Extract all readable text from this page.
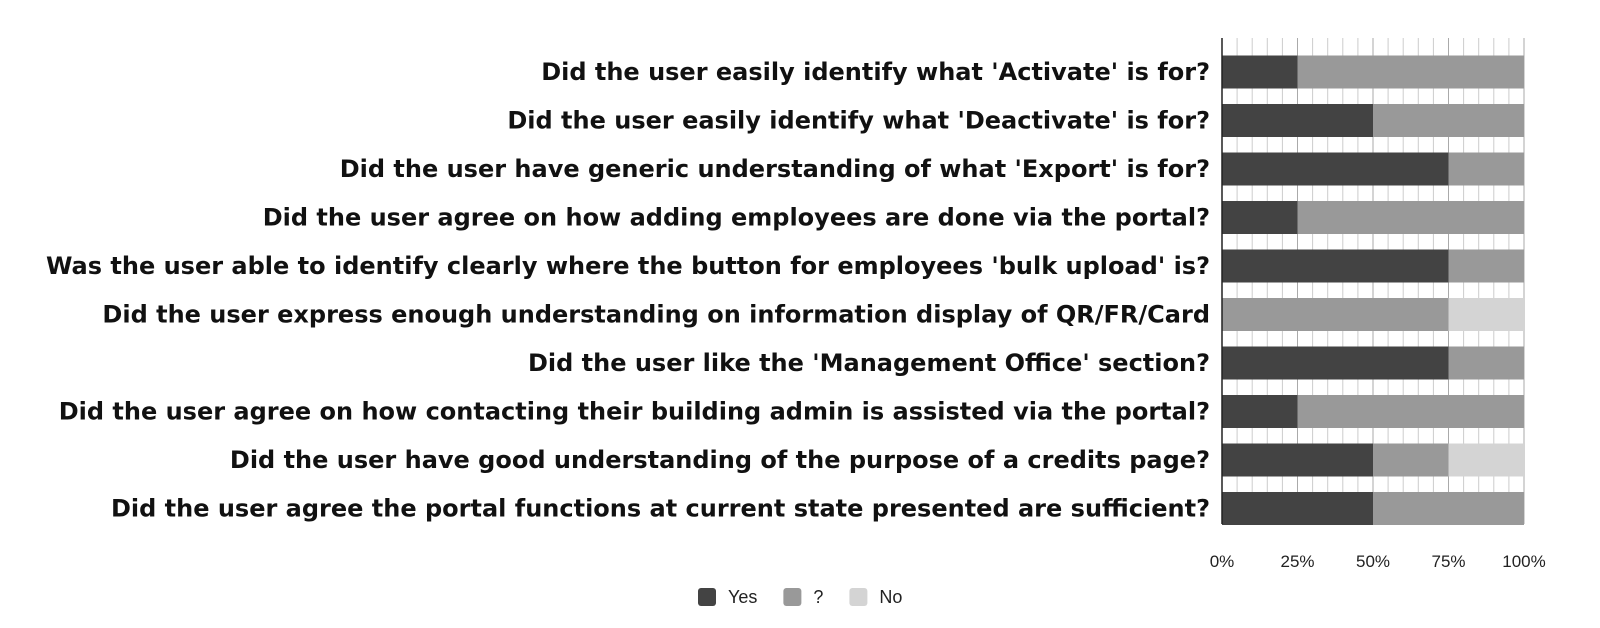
Did the user easily identify what 'Activate' is for?
Did the user easily identify what 'Deactivate' is for?
Did the user have generic understanding of what 'Export' is for?
Did the user agree on how adding employees are done via the portal?
Was the user able to identify clearly where the button for employees 'bulk upload' is?
Did the user express enough understanding on information display of QR/FR/Card
Did the user like the 'Management Office' section?
Did the user agree on how contacting their building admin is assisted via the portal?
Did the user have good understanding of the purpose of a credits page?
Did the user agree the portal functions at current state presented are sufficient?
0%	25% 50% 75% 100%
Yes	?	No
